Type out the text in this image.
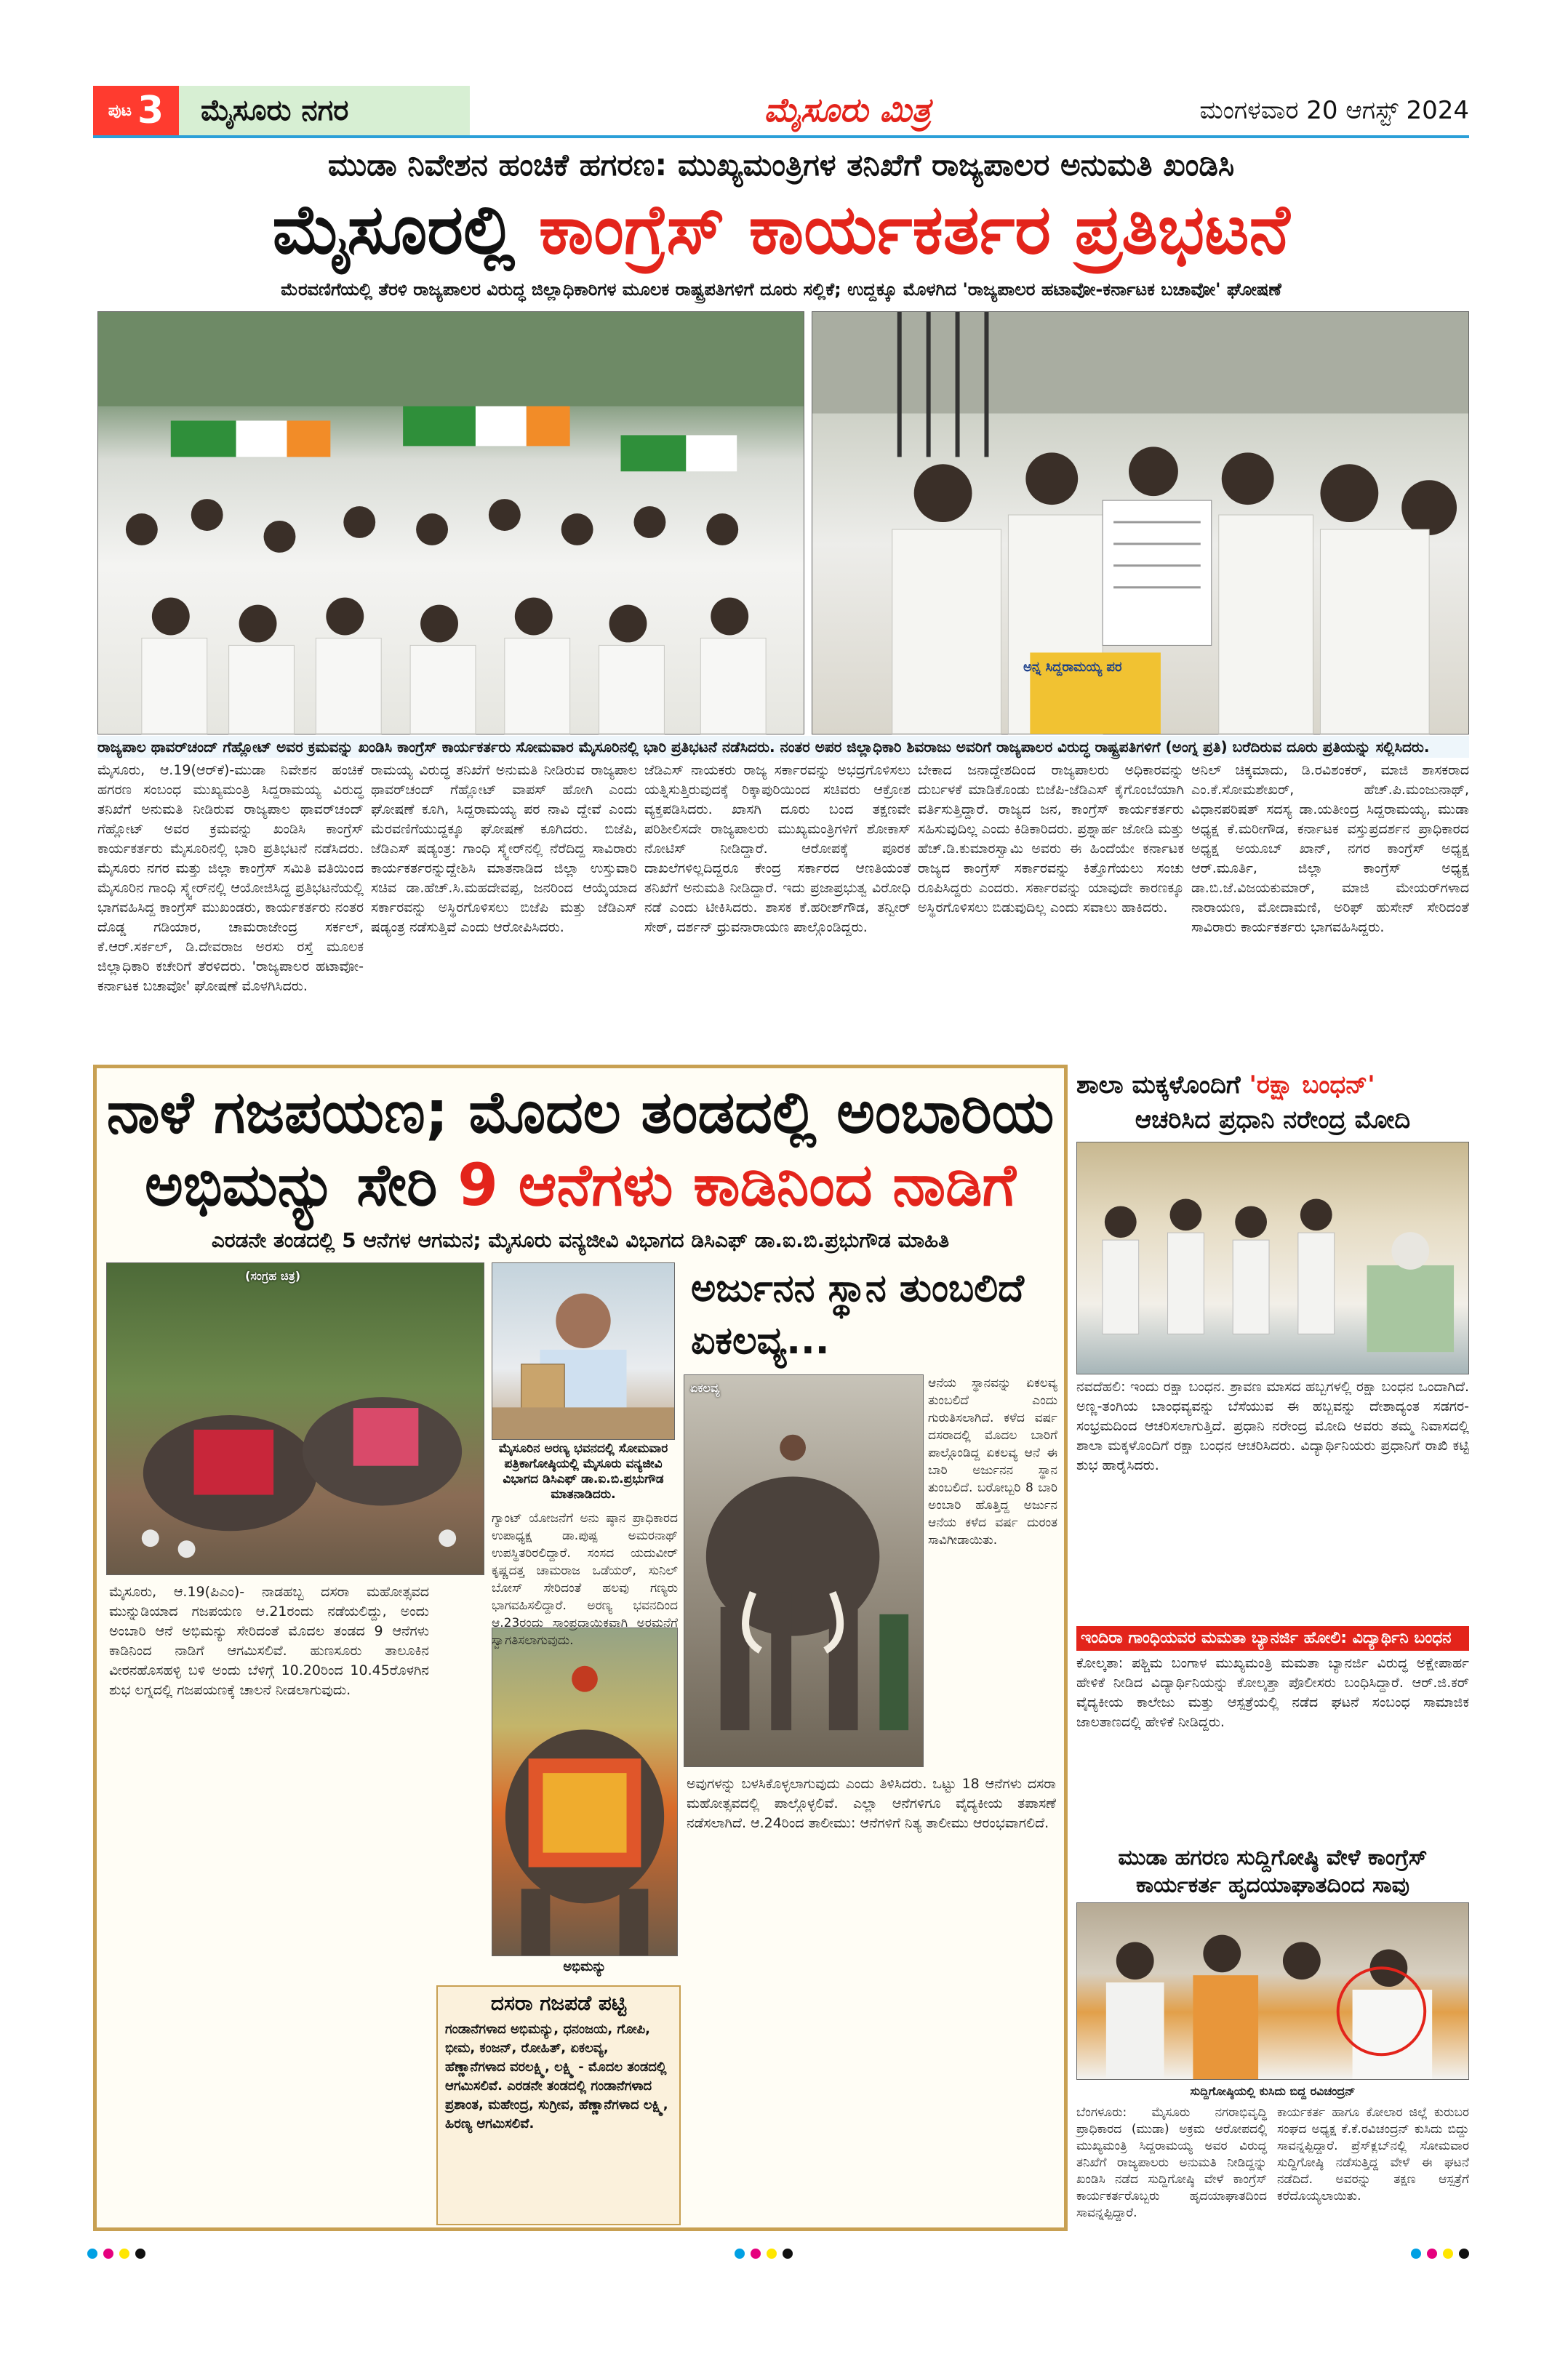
ಪುಟ 3	ಮೈಸೂರು ನಗರ	ಮೈಸೂರು ಮಿತ್ರ	ಮಂಗಳವಾರ 20 ಆಗಸ್ಟ್ 2024
ಮುಡಾ ನಿವೇಶನ ಹಂಚಿಕೆ ಹಗರಣ: ಮುಖ್ಯಮಂತ್ರಿಗಳ ತನಿಖೆಗೆ ರಾಜ್ಯಪಾಲರ ಅನುಮತಿ ಖಂಡಿಸಿ
ಮೈಸೂರಲ್ಲಿ ಕಾಂಗ್ರೆಸ್ ಕಾರ್ಯಕರ್ತರ ಪ್ರತಿಭಟನೆ
ಮೆರವಣಿಗೆಯಲ್ಲಿ ತೆರಳಿ ರಾಜ್ಯಪಾಲರ ವಿರುದ್ಧ ಜಿಲ್ಲಾಧಿಕಾರಿಗಳ ಮೂಲಕ ರಾಷ್ಟ್ರಪತಿಗಳಿಗೆ ದೂರು ಸಲ್ಲಿಕೆ; ಉದ್ದಕ್ಕೂ ಮೊಳಗಿದ 'ರಾಜ್ಯಪಾಲರ ಹಟಾವೋ-ಕರ್ನಾಟಕ ಬಚಾವೋ' ಘೋಷಣೆ
ಅನ್ನ ಸಿದ್ದರಾಮಯ್ಯ ಪರ
ರಾಜ್ಯಪಾಲ ಥಾವರ್‌ಚಂದ್ ಗೆಹ್ಲೋಟ್ ಅವರ ಕ್ರಮವನ್ನು ಖಂಡಿಸಿ ಕಾಂಗ್ರೆಸ್ ಕಾರ್ಯಕರ್ತರು ಸೋಮವಾರ ಮೈಸೂರಿನಲ್ಲಿ ಭಾರಿ ಪ್ರತಿಭಟನೆ ನಡೆಸಿದರು. ನಂತರ ಅಪರ ಜಿಲ್ಲಾಧಿಕಾರಿ ಶಿವರಾಜು ಅವರಿಗೆ ರಾಜ್ಯಪಾಲರ ವಿರುದ್ಧ ರಾಷ್ಟ್ರಪತಿಗಳಿಗೆ (ಅಂಗ್ನ ಪ್ರತಿ) ಬರೆದಿರುವ ದೂರು ಪ್ರತಿಯನ್ನು ಸಲ್ಲಿಸಿದರು.
ಮೈಸೂರು, ಆ.19(ಆರ್‌ಕೆ)-ಮುಡಾ ನಿವೇಶನ ಹಂಚಿಕೆ ಹಗರಣ ಸಂಬಂಧ ಮುಖ್ಯಮಂತ್ರಿ ಸಿದ್ದರಾಮಯ್ಯ ವಿರುದ್ಧ ತನಿಖೆಗೆ ಅನುಮತಿ ನೀಡಿರುವ ರಾಜ್ಯಪಾಲ ಥಾವರ್‌ಚಂದ್ ಗೆಹ್ಲೋಟ್ ಅವರ ಕ್ರಮವನ್ನು ಖಂಡಿಸಿ ಕಾಂಗ್ರೆಸ್ ಕಾರ್ಯಕರ್ತರು ಮೈಸೂರಿನಲ್ಲಿ ಭಾರಿ ಪ್ರತಿಭಟನೆ ನಡೆಸಿದರು. ಮೈಸೂರು ನಗರ ಮತ್ತು ಜಿಲ್ಲಾ ಕಾಂಗ್ರೆಸ್ ಸಮಿತಿ ವತಿಯಿಂದ ಮೈಸೂರಿನ ಗಾಂಧಿ ಸ್ಕ್ವೇರ್‌ನಲ್ಲಿ ಆಯೋಜಿಸಿದ್ದ ಪ್ರತಿಭಟನೆಯಲ್ಲಿ ಭಾಗವಹಿಸಿದ್ದ ಕಾಂಗ್ರೆಸ್ ಮುಖಂಡರು, ಕಾರ್ಯಕರ್ತರು ನಂತರ ದೊಡ್ಡ ಗಡಿಯಾರ, ಚಾಮರಾಜೇಂದ್ರ ಸರ್ಕಲ್, ಕೆ.ಆರ್.ಸರ್ಕಲ್, ಡಿ.ದೇವರಾಜ ಅರಸು ರಸ್ತೆ ಮೂಲಕ ಜಿಲ್ಲಾಧಿಕಾರಿ ಕಚೇರಿಗೆ ತೆರಳಿದರು. 'ರಾಜ್ಯಪಾಲರ ಹಟಾವೋ-ಕರ್ನಾಟಕ ಬಚಾವೋ' ಘೋಷಣೆ ಮೊಳಗಿಸಿದರು.
ರಾಮಯ್ಯ ವಿರುದ್ಧ ತನಿಖೆಗೆ ಅನುಮತಿ ನೀಡಿರುವ ರಾಜ್ಯಪಾಲ ಥಾವರ್‌ಚಂದ್ ಗೆಹ್ಲೋಟ್ ವಾಪಸ್ ಹೋಗಿ ಎಂದು ಘೋಷಣೆ ಕೂಗಿ, ಸಿದ್ದರಾಮಯ್ಯ ಪರ ನಾವಿ ದ್ದೇವೆ ಎಂದು ಮೆರವಣಿಗೆಯುದ್ದಕ್ಕೂ ಘೋಷಣೆ ಕೂಗಿದರು. ಬಿಜೆಪಿ, ಜೆಡಿಎಸ್ ಷಡ್ಯಂತ್ರ: ಗಾಂಧಿ ಸ್ಕ್ವೇರ್‌ನಲ್ಲಿ ನೆರೆದಿದ್ದ ಸಾವಿರಾರು ಕಾರ್ಯಕರ್ತರನ್ನುದ್ದೇಶಿಸಿ ಮಾತನಾಡಿದ ಜಿಲ್ಲಾ ಉಸ್ತುವಾರಿ ಸಚಿವ ಡಾ.ಹೆಚ್.ಸಿ.ಮಹದೇವಪ್ಪ, ಜನರಿಂದ ಆಯ್ಕೆಯಾದ ಸರ್ಕಾರವನ್ನು ಅಸ್ಥಿರಗೊಳಿಸಲು ಬಿಜೆಪಿ ಮತ್ತು ಜೆಡಿಎಸ್ ಷಡ್ಯಂತ್ರ ನಡೆಸುತ್ತಿವೆ ಎಂದು ಆರೋಪಿಸಿದರು.
ಜೆಡಿಎಸ್ ನಾಯಕರು ರಾಜ್ಯ ಸರ್ಕಾರವನ್ನು ಅಭದ್ರಗೊಳಿಸಲು ಯತ್ನಿಸುತ್ತಿರುವುದಕ್ಕೆ ರಿಕ್ಕಾಪುರಿಯಿಂದ ಸಚಿವರು ಆಕ್ರೋಶ ವ್ಯಕ್ತಪಡಿಸಿದರು. ಖಾಸಗಿ ದೂರು ಬಂದ ತಕ್ಷಣವೇ ಪರಿಶೀಲಿಸದೇ ರಾಜ್ಯಪಾಲರು ಮುಖ್ಯಮಂತ್ರಿಗಳಿಗೆ ಶೋಕಾಸ್ ನೋಟಿಸ್ ನೀಡಿದ್ದಾರೆ. ಆರೋಪಕ್ಕೆ ಪೂರಕ ದಾಖಲೆಗಳಿಲ್ಲದಿದ್ದರೂ ಕೇಂದ್ರ ಸರ್ಕಾರದ ಆಣತಿಯಂತೆ ತನಿಖೆಗೆ ಅನುಮತಿ ನೀಡಿದ್ದಾರೆ. ಇದು ಪ್ರಜಾಪ್ರಭುತ್ವ ವಿರೋಧಿ ನಡೆ ಎಂದು ಟೀಕಿಸಿದರು. ಶಾಸಕ ಕೆ.ಹರೀಶ್‌ಗೌಡ, ತನ್ವೀರ್ ಸೇಠ್, ದರ್ಶನ್ ಧ್ರುವನಾರಾಯಣ ಪಾಲ್ಗೊಂಡಿದ್ದರು.
ಬೇಕಾದ ಜನಾದ್ದೇಶದಿಂದ ರಾಜ್ಯಪಾಲರು ಅಧಿಕಾರವನ್ನು ದುರ್ಬಳಕೆ ಮಾಡಿಕೊಂಡು ಬಿಜೆಪಿ-ಜೆಡಿಎಸ್ ಕೈಗೊಂಬೆಯಾಗಿ ವರ್ತಿಸುತ್ತಿದ್ದಾರೆ. ರಾಜ್ಯದ ಜನ, ಕಾಂಗ್ರೆಸ್ ಕಾರ್ಯಕರ್ತರು ಸಹಿಸುವುದಿಲ್ಲ ಎಂದು ಕಿಡಿಕಾರಿದರು. ಪ್ರಶ್ನಾರ್ಹ ಜೋಡಿ ಮತ್ತು ಹೆಚ್.ಡಿ.ಕುಮಾರಸ್ವಾಮಿ ಅವರು ಈ ಹಿಂದೆಯೇ ಕರ್ನಾಟಕ ರಾಜ್ಯದ ಕಾಂಗ್ರೆಸ್ ಸರ್ಕಾರವನ್ನು ಕಿತ್ತೊಗೆಯಲು ಸಂಚು ರೂಪಿಸಿದ್ದರು ಎಂದರು. ಸರ್ಕಾರವನ್ನು ಯಾವುದೇ ಕಾರಣಕ್ಕೂ ಅಸ್ಥಿರಗೊಳಿಸಲು ಬಿಡುವುದಿಲ್ಲ ಎಂದು ಸವಾಲು ಹಾಕಿದರು.
ಅನಿಲ್ ಚಿಕ್ಕಮಾದು, ಡಿ.ರವಿಶಂಕರ್, ಮಾಜಿ ಶಾಸಕರಾದ ಎಂ.ಕೆ.ಸೋಮಶೇಖರ್, ಹೆಚ್.ಪಿ.ಮಂಜುನಾಥ್, ವಿಧಾನಪರಿಷತ್ ಸದಸ್ಯ ಡಾ.ಯತೀಂದ್ರ ಸಿದ್ದರಾಮಯ್ಯ, ಮುಡಾ ಅಧ್ಯಕ್ಷ ಕೆ.ಮರೀಗೌಡ, ಕರ್ನಾಟಕ ವಸ್ತುಪ್ರದರ್ಶನ ಪ್ರಾಧಿಕಾರದ ಅಧ್ಯಕ್ಷ ಅಯೂಬ್ ಖಾನ್, ನಗರ ಕಾಂಗ್ರೆಸ್ ಅಧ್ಯಕ್ಷ ಆರ್.ಮೂರ್ತಿ, ಜಿಲ್ಲಾ ಕಾಂಗ್ರೆಸ್ ಅಧ್ಯಕ್ಷ ಡಾ.ಬಿ.ಜೆ.ವಿಜಯಕುಮಾರ್, ಮಾಜಿ ಮೇಯರ್‌ಗಳಾದ ನಾರಾಯಣ, ಮೋದಾಮಣಿ, ಅರಿಫ್ ಹುಸೇನ್ ಸೇರಿದಂತೆ ಸಾವಿರಾರು ಕಾರ್ಯಕರ್ತರು ಭಾಗವಹಿಸಿದ್ದರು.
ನಾಳೆ ಗಜಪಯಣ; ಮೊದಲ ತಂಡದಲ್ಲಿ ಅಂಬಾರಿಯ
ಅಭಿಮನ್ಯು ಸೇರಿ 9 ಆನೆಗಳು ಕಾಡಿನಿಂದ ನಾಡಿಗೆ
ಎರಡನೇ ತಂಡದಲ್ಲಿ 5 ಆನೆಗಳ ಆಗಮನ; ಮೈಸೂರು ವನ್ಯಜೀವಿ ವಿಭಾಗದ ಡಿಸಿಎಫ್ ಡಾ.ಐ.ಬಿ.ಪ್ರಭುಗೌಡ ಮಾಹಿತಿ
(ಸಂಗ್ರಹ ಚಿತ್ರ)
ಮೈಸೂರಿನ ಅರಣ್ಯ ಭವನದಲ್ಲಿ ಸೋಮವಾರ ಪತ್ರಿಕಾಗೋಷ್ಠಿಯಲ್ಲಿ ಮೈಸೂರು ವನ್ಯಜೀವಿ ವಿಭಾಗದ ಡಿಸಿಎಫ್ ಡಾ.ಐ.ಬಿ.ಪ್ರಭುಗೌಡ ಮಾತನಾಡಿದರು.
ಅರ್ಜುನನ ಸ್ಥಾನ ತುಂಬಲಿದೆ ಏಕಲವ್ಯ...
ಏಕಲವ್ಯ
ಅಭಿಮನ್ಯು
ಮೈಸೂರು, ಆ.19(ಪಿಎಂ)- ನಾಡಹಬ್ಬ ದಸರಾ ಮಹೋತ್ಸವದ ಮುನ್ನುಡಿಯಾದ ಗಜಪಯಣ ಆ.21ರಂದು ನಡೆಯಲಿದ್ದು, ಅಂದು ಅಂಬಾರಿ ಆನೆ ಅಭಿಮನ್ಯು ಸೇರಿದಂತೆ ಮೊದಲ ತಂಡದ 9 ಆನೆಗಳು ಕಾಡಿನಿಂದ ನಾಡಿಗೆ ಆಗಮಿಸಲಿವೆ. ಹುಣಸೂರು ತಾಲೂಕಿನ ವೀರನಹೊಸಹಳ್ಳಿ ಬಳಿ ಅಂದು ಬೆಳಿಗ್ಗೆ 10.20ರಿಂದ 10.45ರೊಳಗಿನ ಶುಭ ಲಗ್ನದಲ್ಲಿ ಗಜಪಯಣಕ್ಕೆ ಚಾಲನೆ ನೀಡಲಾಗುವುದು.
ಗ್ಯಾಂಟ್ ಯೋಜನೆಗೆ ಅನು ಷ್ಠಾನ ಪ್ರಾಧಿಕಾರದ ಉಪಾಧ್ಯಕ್ಷ ಡಾ.ಪುಷ್ಪ ಅಮರನಾಥ್ ಉಪಸ್ಥಿತರಿರಲಿದ್ದಾರೆ. ಸಂಸದ ಯದುವೀರ್ ಕೃಷ್ಣದತ್ತ ಚಾಮರಾಜ ಒಡೆಯರ್, ಸುನಿಲ್ ಬೋಸ್ ಸೇರಿದಂತೆ ಹಲವು ಗಣ್ಯರು ಭಾಗವಹಿಸಲಿದ್ದಾರೆ. ಅರಣ್ಯ ಭವನದಿಂದ ಆ.23ರಂದು ಸಾಂಪ್ರದಾಯಿಕವಾಗಿ ಅರಮನೆಗೆ ಸ್ವಾಗತಿಸಲಾಗುವುದು.
ಆನೆಯ ಸ್ಥಾನವನ್ನು ಏಕಲವ್ಯ ತುಂಬಲಿದೆ ಎಂದು ಗುರುತಿಸಲಾಗಿದೆ. ಕಳೆದ ವರ್ಷ ದಸರಾದಲ್ಲಿ ಮೊದಲ ಬಾರಿಗೆ ಪಾಲ್ಗೊಂಡಿದ್ದ ಏಕಲವ್ಯ ಆನೆ ಈ ಬಾರಿ ಅರ್ಜುನನ ಸ್ಥಾನ ತುಂಬಲಿದೆ. ಬರೋಬ್ಬರಿ 8 ಬಾರಿ ಅಂಬಾರಿ ಹೊತ್ತಿದ್ದ ಅರ್ಜುನ ಆನೆಯ ಕಳೆದ ವರ್ಷ ದುರಂತ ಸಾವಿಗೀಡಾಯಿತು.
ಅವುಗಳನ್ನು ಬಳಸಿಕೊಳ್ಳಲಾಗುವುದು ಎಂದು ತಿಳಿಸಿದರು. ಒಟ್ಟು 18 ಆನೆಗಳು ದಸರಾ ಮಹೋತ್ಸವದಲ್ಲಿ ಪಾಲ್ಗೊಳ್ಳಲಿವೆ. ಎಲ್ಲಾ ಆನೆಗಳಿಗೂ ವೈದ್ಯಕೀಯ ತಪಾಸಣೆ ನಡೆಸಲಾಗಿದೆ. ಆ.24ರಿಂದ ತಾಲೀಮು: ಆನೆಗಳಿಗೆ ನಿತ್ಯ ತಾಲೀಮು ಆರಂಭವಾಗಲಿದೆ.
ದಸರಾ ಗಜಪಡೆ ಪಟ್ಟಿ
ಗಂಡಾನೆಗಳಾದ ಅಭಿಮನ್ಯು, ಧನಂಜಯ, ಗೋಪಿ, ಭೀಮ, ಕಂಜನ್, ರೋಹಿತ್, ಏಕಲವ್ಯ, ಹೆಣ್ಣಾನೆಗಳಾದ ವರಲಕ್ಷ್ಮಿ, ಲಕ್ಷ್ಮಿ - ಮೊದಲ ತಂಡದಲ್ಲಿ ಆಗಮಿಸಲಿವೆ. ಎರಡನೇ ತಂಡದಲ್ಲಿ ಗಂಡಾನೆಗಳಾದ ಪ್ರಶಾಂತ, ಮಹೇಂದ್ರ, ಸುಗ್ರೀವ, ಹೆಣ್ಣಾನೆಗಳಾದ ಲಕ್ಷ್ಮಿ, ಹಿರಣ್ಯ ಆಗಮಿಸಲಿವೆ.
ಶಾಲಾ ಮಕ್ಕಳೊಂದಿಗೆ 'ರಕ್ಷಾ ಬಂಧನ್'
ಆಚರಿಸಿದ ಪ್ರಧಾನಿ ನರೇಂದ್ರ ಮೋದಿ
ನವದೆಹಲಿ: ಇಂದು ರಕ್ಷಾ ಬಂಧನ. ಶ್ರಾವಣ ಮಾಸದ ಹಬ್ಬಗಳಲ್ಲಿ ರಕ್ಷಾ ಬಂಧನ ಒಂದಾಗಿದೆ. ಅಣ್ಣ-ತಂಗಿಯ ಬಾಂಧವ್ಯವನ್ನು ಬೆಸೆಯುವ ಈ ಹಬ್ಬವನ್ನು ದೇಶಾದ್ಯಂತ ಸಡಗರ-ಸಂಭ್ರಮದಿಂದ ಆಚರಿಸಲಾಗುತ್ತಿದೆ. ಪ್ರಧಾನಿ ನರೇಂದ್ರ ಮೋದಿ ಅವರು ತಮ್ಮ ನಿವಾಸದಲ್ಲಿ ಶಾಲಾ ಮಕ್ಕಳೊಂದಿಗೆ ರಕ್ಷಾ ಬಂಧನ ಆಚರಿಸಿದರು. ವಿದ್ಯಾರ್ಥಿನಿಯರು ಪ್ರಧಾನಿಗೆ ರಾಖಿ ಕಟ್ಟಿ ಶುಭ ಹಾರೈಸಿದರು.
ಇಂದಿರಾ ಗಾಂಧಿಯವರ ಮಮತಾ ಬ್ಯಾನರ್ಜಿ ಹೋಲಿ: ವಿದ್ಯಾರ್ಥಿನಿ ಬಂಧನ
ಕೋಲ್ಕತಾ: ಪಶ್ಚಿಮ ಬಂಗಾಳ ಮುಖ್ಯಮಂತ್ರಿ ಮಮತಾ ಬ್ಯಾನರ್ಜಿ ವಿರುದ್ಧ ಅಕ್ಷೇಪಾರ್ಹ ಹೇಳಿಕೆ ನೀಡಿದ ವಿದ್ಯಾರ್ಥಿನಿಯನ್ನು ಕೋಲ್ಕತ್ತಾ ಪೊಲೀಸರು ಬಂಧಿಸಿದ್ದಾರೆ. ಆರ್.ಜಿ.ಕರ್ ವೈದ್ಯಕೀಯ ಕಾಲೇಜು ಮತ್ತು ಆಸ್ಪತ್ರೆಯಲ್ಲಿ ನಡೆದ ಘಟನೆ ಸಂಬಂಧ ಸಾಮಾಜಿಕ ಜಾಲತಾಣದಲ್ಲಿ ಹೇಳಿಕೆ ನೀಡಿದ್ದರು.
ಮುಡಾ ಹಗರಣ ಸುದ್ದಿಗೋಷ್ಠಿ ವೇಳೆ ಕಾಂಗ್ರೆಸ್ ಕಾರ್ಯಕರ್ತ ಹೃದಯಾಘಾತದಿಂದ ಸಾವು
ಸುದ್ದಿಗೋಷ್ಠಿಯಲ್ಲಿ ಕುಸಿದು ಬಿದ್ದ ರವಿಚಂದ್ರನ್
ಬೆಂಗಳೂರು: ಮೈಸೂರು ನಗರಾಭಿವೃದ್ಧಿ ಪ್ರಾಧಿಕಾರದ (ಮುಡಾ) ಅಕ್ರಮ ಆರೋಪದಲ್ಲಿ ಮುಖ್ಯಮಂತ್ರಿ ಸಿದ್ದರಾಮಯ್ಯ ಅವರ ವಿರುದ್ಧ ತನಿಖೆಗೆ ರಾಜ್ಯಪಾಲರು ಅನುಮತಿ ನೀಡಿದ್ದನ್ನು ಖಂಡಿಸಿ ನಡೆದ ಸುದ್ದಿಗೋಷ್ಠಿ ವೇಳೆ ಕಾಂಗ್ರೆಸ್ ಕಾರ್ಯಕರ್ತರೊಬ್ಬರು ಹೃದಯಾಘಾತದಿಂದ ಸಾವನ್ನಪ್ಪಿದ್ದಾರೆ.
ಕಾರ್ಯಕರ್ತ ಹಾಗೂ ಕೋಲಾರ ಜಿಲ್ಲೆ ಕುರುಬರ ಸಂಘದ ಅಧ್ಯಕ್ಷ ಕೆ.ಕೆ.ರವಿಚಂದ್ರನ್ ಕುಸಿದು ಬಿದ್ದು ಸಾವನ್ನಪ್ಪಿದ್ದಾರೆ. ಪ್ರೆಸ್‌ಕ್ಲಬ್‌ನಲ್ಲಿ ಸೋಮವಾರ ಸುದ್ದಿಗೋಷ್ಠಿ ನಡೆಸುತ್ತಿದ್ದ ವೇಳೆ ಈ ಘಟನೆ ನಡೆದಿದೆ. ಅವರನ್ನು ತಕ್ಷಣ ಆಸ್ಪತ್ರೆಗೆ ಕರೆದೊಯ್ಯಲಾಯಿತು.
